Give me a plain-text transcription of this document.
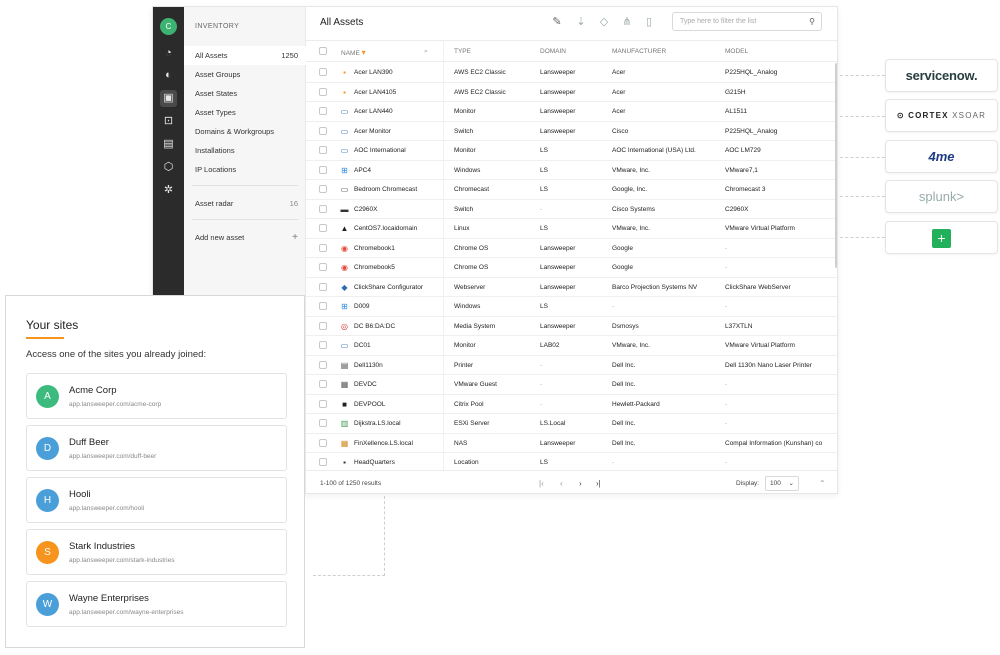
C
◔
◐
▣
⊡
▤
⬡
✲
INVENTORY
All Assets	1250
Asset Groups
Asset States
Asset Types
Domains & Workgroups
Installations
IP Locations
Asset radar	16
Add new asset	+
All Assets	✎ ⇣ ◇ ⋔	▯	Type here to filter the list	⚲
NAME ▾	⌕	TYPE	DOMAIN	MANUFACTURER	MODEL
▪	Acer LAN390	AWS EC2 Classic	Lansweeper	Acer	P225HQL_Analog
▪	Acer LAN4105	AWS EC2 Classic	Lansweeper	Acer	G215H
▭ Acer LAN440	Monitor	Lansweeper	Acer	AL1511
▭ Acer Monitor	Switch	Lansweeper	Cisco	P225HQL_Analog
▭ AOC International	Monitor	LS	AOC International (USA) Ltd.	AOC LM729
⊞ APC4	Windows	LS	VMware, Inc.	VMware7,1
▭ Bedroom Chromecast	Chromecast	LS	Google, Inc.	Chromecast 3
▬ C2960X	Switch	-	Cisco Systems	C2960X
▲ CentOS7.locaidomain	Linux	LS	VMware, Inc.	VMware Virtual Platform
◉ Chromebook1	Chrome OS	Lansweeper	Google	-
◉ Chromebook5	Chrome OS	Lansweeper	Google	-
◆ ClickShare Configurator	Webserver	Lansweeper	Barco Projection Systems NV	ClickShare WebServer
⊞ D009	Windows	LS	-	-
◎ DC B6:DA:DC	Media System	Lansweeper	Dsmosys	L37XTLN
▭ DC01	Monitor	LAB02	VMware, Inc.	VMware Virtual Platform
▤ Dell1130n	Printer	-	Dell Inc.	Dell 1130n Nano Laser Printer
▦ DEVDC	VMware Guest	-	Dell Inc.	-
■	DEVPOOL	Citrix Pool	-	Hewlett-Packard	-
▥ Dijkstra.LS.local	ESXi Server	LS.Local	Dell Inc.	-
▦ FinXellence.LS.local	NAS	Lansweeper	Dell Inc.	Compal Information (Kunshan) co
▪	HeadQuarters	Location	LS	-	-
1-100 of 1250 results	|‹ ‹ › ›|	Display:	100 ⌄	⌃
servicenow.
⊙ CORTEX XSOAR
4me
splunk>
+
Your sites
Access one of the sites you already joined:
A
Acme Corp
app.lansweeper.com/acme-corp
D
Duff Beer
app.lansweeper.com/duff-beer
H
Hooli
app.lansweeper.com/hooli
S
Stark Industries
app.lansweeper.com/stark-industries
W
Wayne Enterprises
app.lansweeper.com/wayne-enterprises
